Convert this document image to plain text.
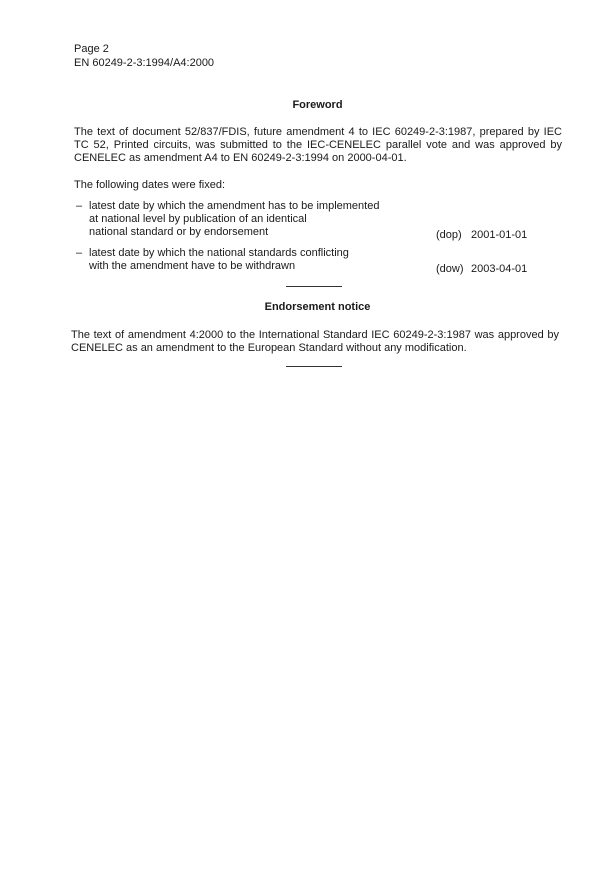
Page 2
EN 60249-2-3:1994/A4:2000
Foreword
The text of document 52/837/FDIS, future amendment 4 to IEC 60249-2-3:1987, prepared by IEC TC 52, Printed circuits, was submitted to the IEC-CENELEC parallel vote and was approved by CENELEC as amendment A4 to EN 60249-2-3:1994 on 2000-04-01.
The following dates were fixed:
– latest date by which the amendment has to be implemented
at national level by publication of an identical
national standard or by endorsement	(dop) 2001-01-01
– latest date by which the national standards conflicting
with the amendment have to be withdrawn	(dow) 2003-04-01
Endorsement notice
The text of amendment 4:2000 to the International Standard IEC 60249-2-3:1987 was approved by CENELEC as an amendment to the European Standard without any modification.
